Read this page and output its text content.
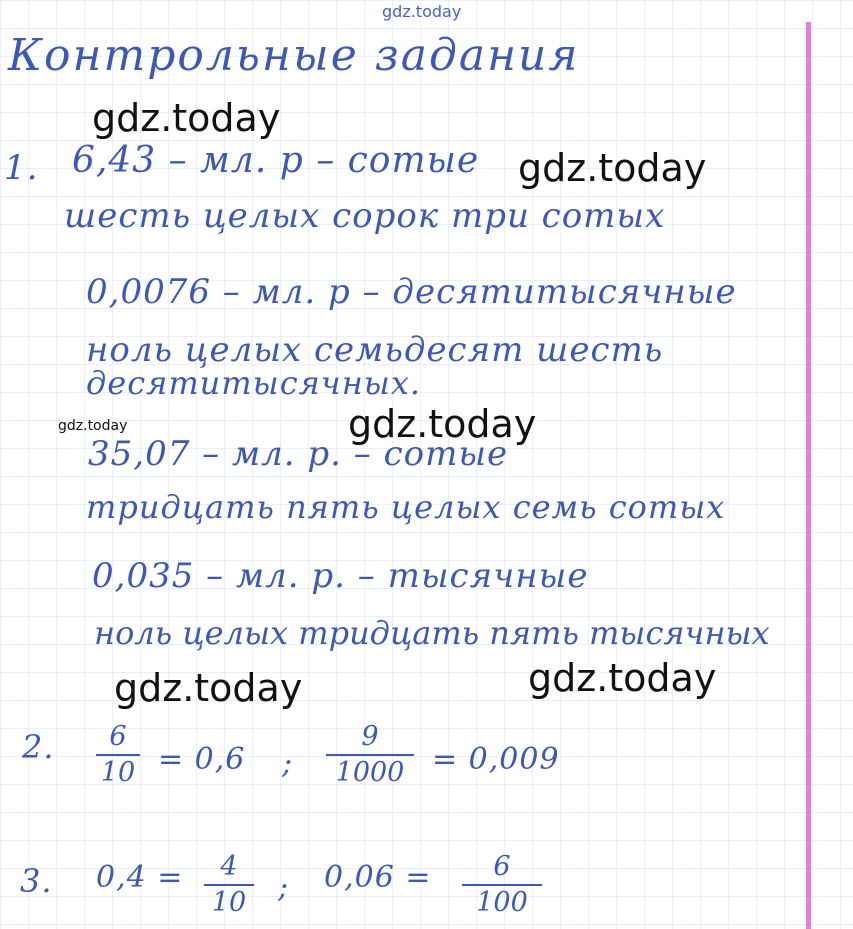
gdz.today
Контрольные задания
1. 6,43 – мл. р – сотые
шесть целых сорок три сотых
0,0076 – мл. р – десятитысячные
ноль целых семьдесят шесть
десятитысячных.
35,07 – мл. р. – сотые
тридцать пять целых семь сотых
0,035 – мл. р. – тысячные
ноль целых тридцать пять тысячных
2. 6
10 = 0,6 ;
9
1000 = 0,009
3. 0,4 = 4
10 ; 0,06 = 6
100
gdz.today
gdz.today
gdz.today	gdz.today
gdz.today	gdz.today
